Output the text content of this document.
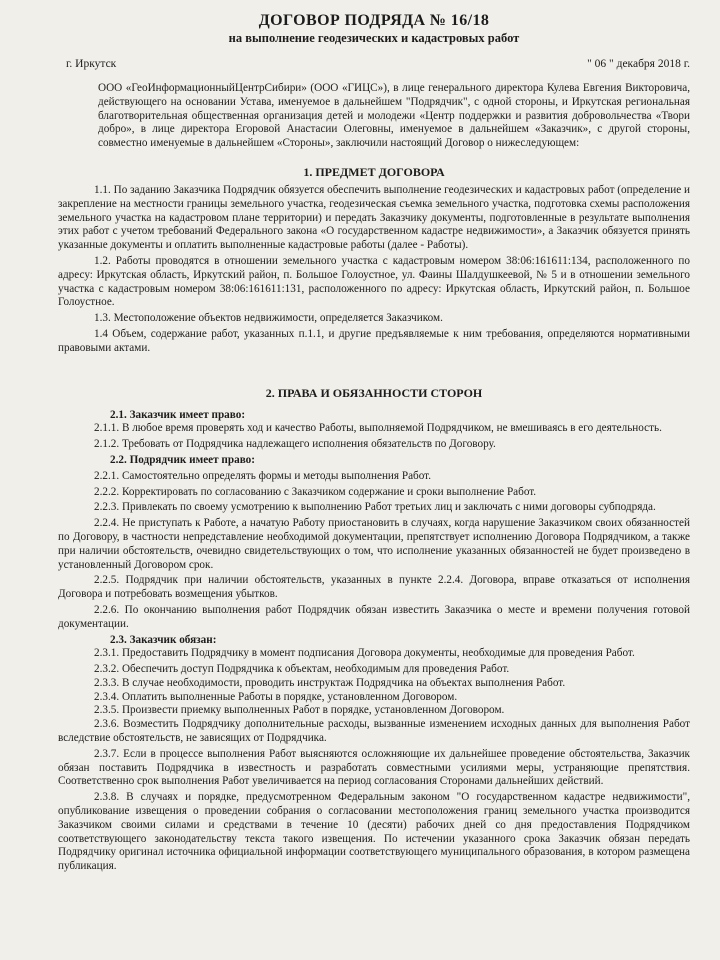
ДОГОВОР ПОДРЯДА № 16/18
на выполнение геодезических и кадастровых работ
г. Иркутск	" 06 " декабря 2018 г.

ООО «ГеоИнформационныйЦентрСибири» (ООО «ГИЦС»), в лице генерального директора Кулева Евгения Викторовича, действующего на основании Устава, именуемое в дальнейшем "Подрядчик", с одной стороны, и Иркутская региональная благотворительная общественная организация детей и молодежи «Центр поддержки и развития добровольчества «Твори добро», в лице директора Егоровой Анастасии Олеговны, именуемое в дальнейшем «Заказчик», с другой стороны, совместно именуемые в дальнейшем «Стороны», заключили настоящий Договор о нижеследующем:

1. ПРЕДМЕТ ДОГОВОРА

1.1. По заданию Заказчика Подрядчик обязуется обеспечить выполнение геодезических и кадастровых работ (определение и закрепление на местности границы земельного участка, геодезическая съемка земельного участка, подготовка схемы расположения земельного участка на кадастровом плане территории) и передать Заказчику документы, подготовленные в результате выполнения этих работ с учетом требований Федерального закона «О государственном кадастре недвижимости», а Заказчик обязуется принять указанные документы и оплатить выполненные кадастровые работы (далее - Работы).

1.2. Работы проводятся в отношении земельного участка с кадастровым номером 38:06:161611:134, расположенного по адресу: Иркутская область, Иркутский район, п. Большое Голоустное, ул. Фаины Шалдушкеевой, № 5 и в отношении земельного участка с кадастровым номером 38:06:161611:131, расположенного по адресу: Иркутская область, Иркутский район, п. Большое Голоустное.

1.3. Местоположение объектов недвижимости, определяется Заказчиком.

1.4 Объем, содержание работ, указанных п.1.1, и другие предъявляемые к ним требования, определяются нормативными правовыми актами.

2. ПРАВА И ОБЯЗАННОСТИ СТОРОН

2.1. Заказчик имеет право:

2.1.1. В любое время проверять ход и качество Работы, выполняемой Подрядчиком, не вмешиваясь в его деятельность.

2.1.2. Требовать от Подрядчика надлежащего исполнения обязательств по Договору.

2.2. Подрядчик имеет право:

2.2.1. Самостоятельно определять формы и методы выполнения Работ.

2.2.2. Корректировать по согласованию с Заказчиком содержание и сроки выполнение Работ.

2.2.3. Привлекать по своему усмотрению к выполнению Работ третьих лиц и заключать с ними договоры субподряда.

2.2.4. Не приступать к Работе, а начатую Работу приостановить в случаях, когда нарушение Заказчиком своих обязанностей по Договору, в частности непредставление необходимой документации, препятствует исполнению Договора Подрядчиком, а также при наличии обстоятельств, очевидно свидетельствующих о том, что исполнение указанных обязанностей не будет произведено в установленный Договором срок.

2.2.5. Подрядчик при наличии обстоятельств, указанных в пункте 2.2.4. Договора, вправе отказаться от исполнения Договора и потребовать возмещения убытков.

2.2.6. По окончанию выполнения работ Подрядчик обязан известить Заказчика о месте и времени получения готовой документации.

2.3. Заказчик обязан:

2.3.1. Предоставить Подрядчику в момент подписания Договора документы, необходимые для проведения Работ.

2.3.2. Обеспечить доступ Подрядчика к объектам, необходимым для проведения Работ.

2.3.3. В случае необходимости, проводить инструктаж Подрядчика на объектах выполнения Работ.

2.3.4. Оплатить выполненные Работы в порядке, установленном Договором.

2.3.5. Произвести приемку выполненных Работ в порядке, установленном Договором.

2.3.6. Возместить Подрядчику дополнительные расходы, вызванные изменением исходных данных для выполнения Работ вследствие обстоятельств, не зависящих от Подрядчика.

2.3.7. Если в процессе выполнения Работ выясняются осложняющие их дальнейшее проведение обстоятельства, Заказчик обязан поставить Подрядчика в известность и разработать совместными усилиями меры, устраняющие препятствия. Соответственно срок выполнения Работ увеличивается на период согласования Сторонами дальнейших действий.

2.3.8. В случаях и порядке, предусмотренном Федеральным законом "О государственном кадастре недвижимости", опубликование извещения о проведении собрания о согласовании местоположения границ земельного участка производится Заказчиком своими силами и средствами в течение 10 (десяти) рабочих дней со дня предоставления Подрядчиком соответствующего законодательству текста такого извещения. По истечении указанного срока Заказчик обязан передать Подрядчику оригинал источника официальной информации соответствующего муниципального образования, в котором размещена публикация.
